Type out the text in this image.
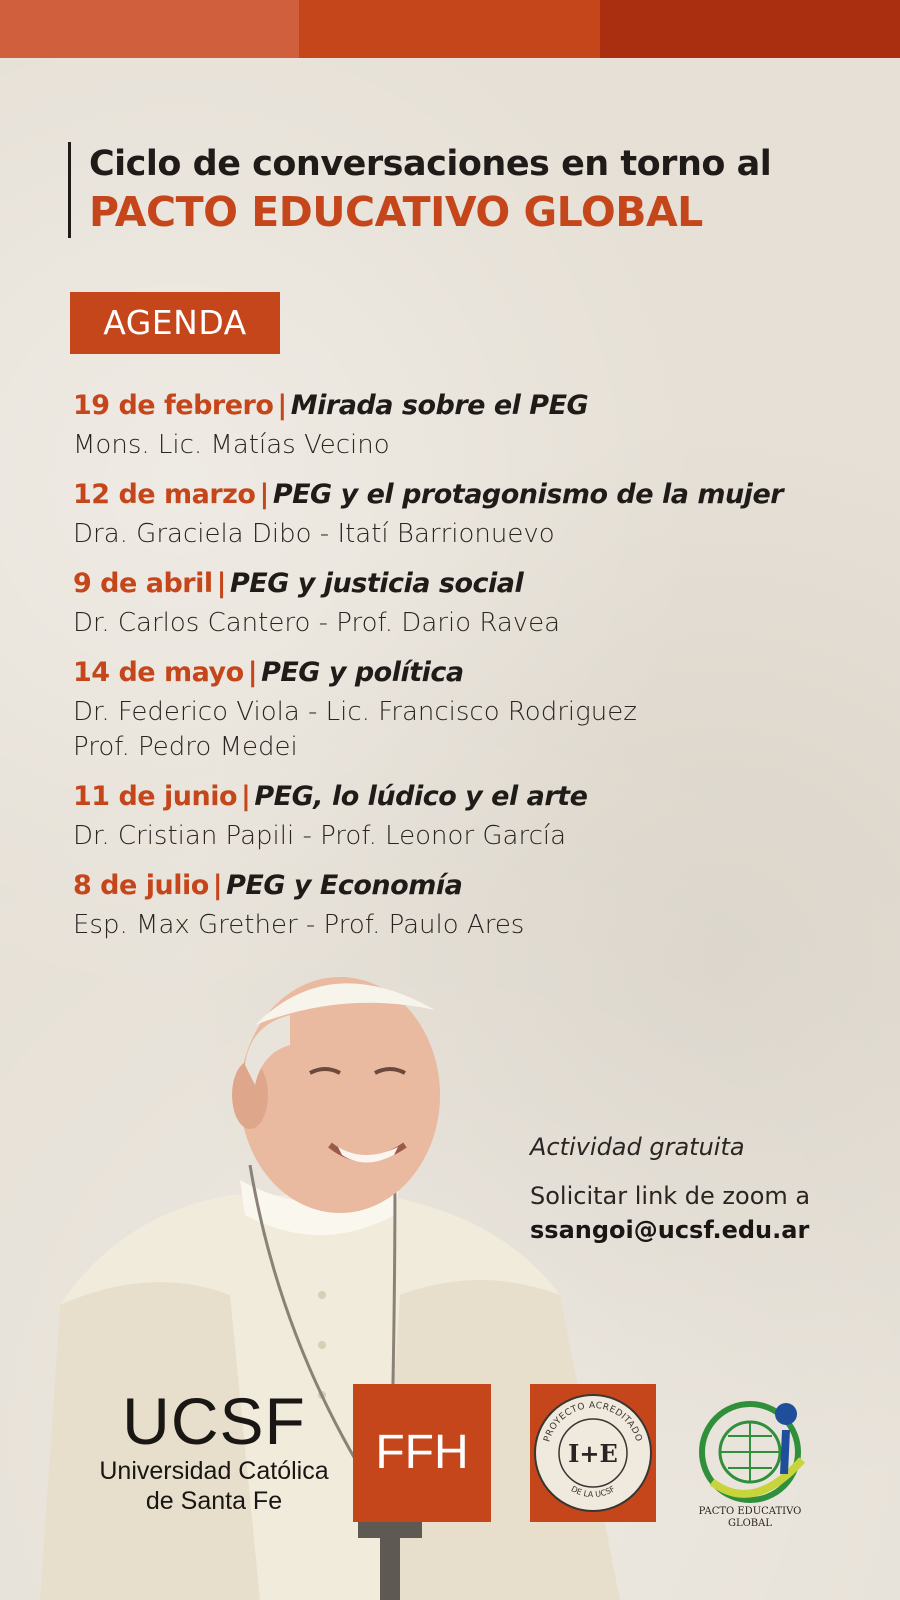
Ciclo de conversaciones en torno al
PACTO EDUCATIVO GLOBAL
AGENDA
19 de febrero | Mirada sobre el PEG
Mons. Lic. Matías Vecino
12 de marzo | PEG y el protagonismo de la mujer
Dra. Graciela Dibo - Itatí Barrionuevo
9 de abril | PEG y justicia social
Dr. Carlos Cantero - Prof. Dario Ravea
14 de mayo | PEG y política
Dr. Federico Viola - Lic. Francisco Rodriguez
Prof. Pedro Medei
11 de junio | PEG, lo lúdico y el arte
Dr. Cristian Papili - Prof. Leonor García
8 de julio | PEG y Economía
Esp. Max Grether - Prof. Paulo Ares
Actividad gratuita
Solicitar link de zoom a
ssangoi@ucsf.edu.ar
UCSF
Universidad Católica
de Santa Fe
FFH	PROYECTO ACREDITADO
DE LA UCSF
I+E
PACTO EDUCATIVO
GLOBAL
